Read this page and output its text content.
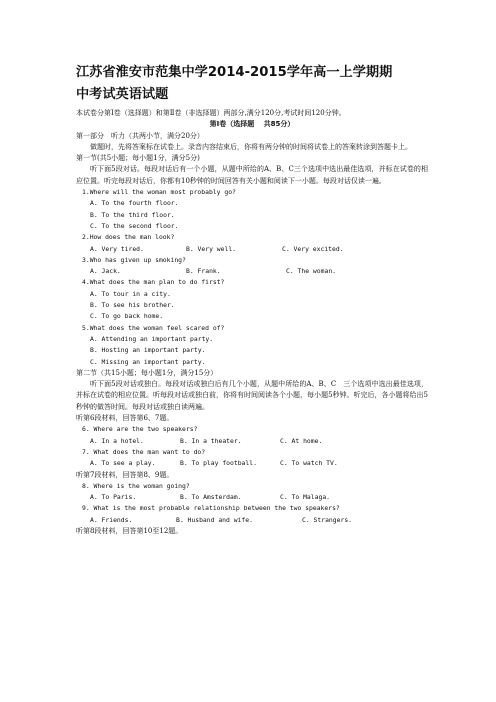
江苏省淮安市范集中学2014-2015学年高一上学期期
中考试英语试题
本试卷分第Ⅰ卷（选择题）和第Ⅱ卷（非选择题）两部分,满分120分,考试时间120分钟。
第Ⅰ卷（选择题　 共85分）
第一部分　听力（共两小节，满分20分）
做题时，先将答案标在试卷上。录音内容结束后，你将有两分钟的时间将试卷上的答案转涂到答题卡上。
第一节(共5小题；每小题1分，满分5分)
听下面5段对话。每段对话后有一个小题，从题中所给的A、B、C三个选项中选出最佳选项，并标在试卷的相应位置。听完每段对话后，你都有10秒钟的时间回答有关小题和阅读下一小题。每段对话仅读一遍。
1.Where will the woman most probably go?
A. To the fourth floor.
B. To the third floor.
C. To the second floor.
2.How does the man look?
A. Very tired.	B. Very well.	C. Very excited.
3.Who has given up smoking?
A. Jack.	B. Frank.	C. The woman.
4.What does the man plan to do first?
A. To tour in a city.
B. To see his brother.
C. To go back home.
5.What does the woman feel scared of?
A. Attending an important party.
B. Hosting an important party.
C. Missing an important party.
第二节（共15小题；每小题1分，满分15分）
听下面5段对话或独白。每段对话或独白后有几个小题，从题中所给的A、B、C　三个选项中选出最佳选项，并标在试卷的相应位置。听每段对话或独白前，你将有时间阅读各个小题，每小题5秒钟。听完后，各小题将给出5秒钟的做答时间。每段对话或独白读两遍。
听第6段材料，回答第6、7题。
6. Where are the two speakers?
A. In a hotel.	B. In a theater.	C. At home.
7. What does the man want to do?
A. To see a play.	B. To play football.	C. To watch TV.
听第7段材料，回答第8、9题。
8. Where is the woman going?
A. To Paris.	B. To Amsterdam.	C. To Malaga.
9. What is the most probable relationship between the two speakers?
A. Friends.	B. Husband and wife.	C. Strangers.
听第8段材料，回答第10至12题。
